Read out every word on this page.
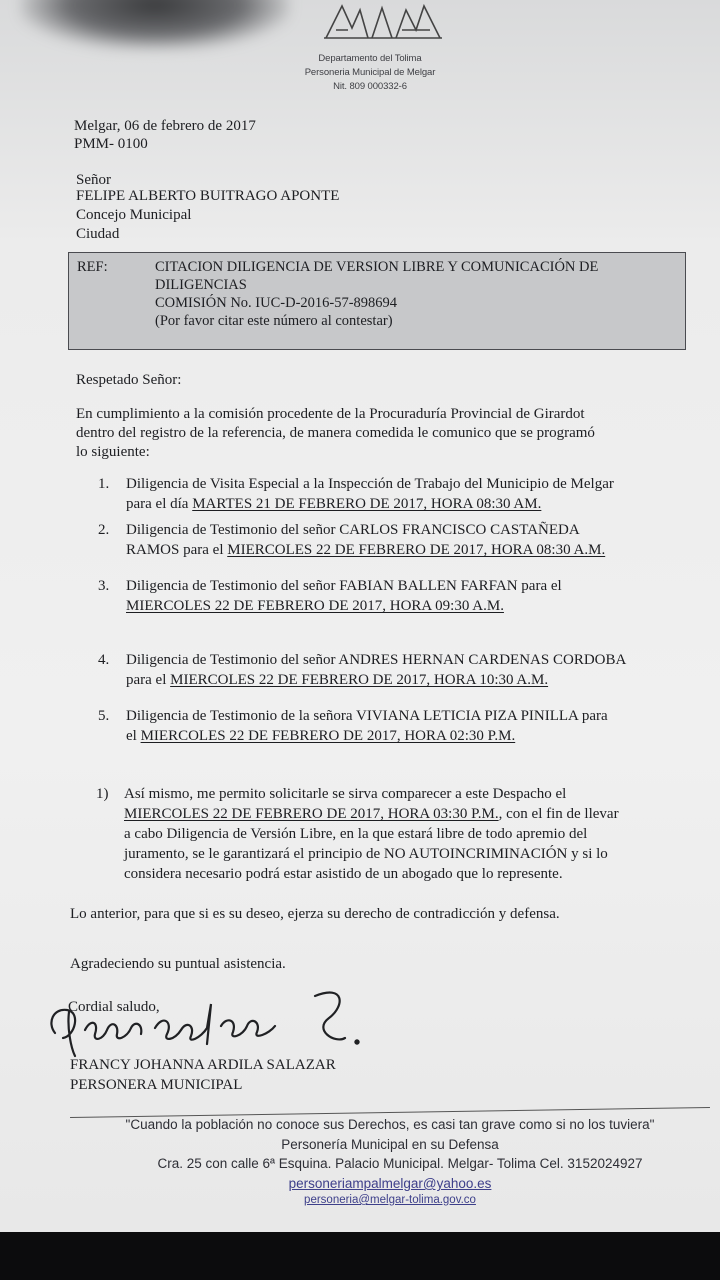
Departamento del Tolima
Personeria Municipal de Melgar
Nit. 809 000332-6
Melgar, 06 de febrero de 2017
PMM- 0100
Señor
FELIPE ALBERTO BUITRAGO APONTE
Concejo Municipal
Ciudad
REF:	CITACION DILIGENCIA DE VERSION LIBRE Y COMUNICACIÓN DE
DILIGENCIAS
COMISIÓN No. IUC-D-2016-57-898694
(Por favor citar este número al contestar)
Respetado Señor:
En cumplimiento a la comisión procedente de la Procuraduría Provincial de Girardot
dentro del registro de la referencia, de manera comedida le comunico que se programó
lo siguiente:
1. Diligencia de Visita Especial a la Inspección de Trabajo del Municipio de Melgar
para el día MARTES 21 DE FEBRERO DE 2017, HORA 08:30 AM.
2. Diligencia de Testimonio del señor CARLOS FRANCISCO CASTAÑEDA
RAMOS para el MIERCOLES 22 DE FEBRERO DE 2017, HORA 08:30 A.M.
3. Diligencia de Testimonio del señor FABIAN BALLEN FARFAN para el
MIERCOLES 22 DE FEBRERO DE 2017, HORA 09:30 A.M.
4. Diligencia de Testimonio del señor ANDRES HERNAN CARDENAS CORDOBA
para el MIERCOLES 22 DE FEBRERO DE 2017, HORA 10:30 A.M.
5. Diligencia de Testimonio de la señora VIVIANA LETICIA PIZA PINILLA para
el MIERCOLES 22 DE FEBRERO DE 2017, HORA 02:30 P.M.
1) Así mismo, me permito solicitarle se sirva comparecer a este Despacho el
MIERCOLES 22 DE FEBRERO DE 2017, HORA 03:30 P.M., con el fin de llevar
a cabo Diligencia de Versión Libre, en la que estará libre de todo apremio del
juramento, se le garantizará el principio de NO AUTOINCRIMINACIÓN y si lo
considera necesario podrá estar asistido de un abogado que lo represente.
Lo anterior, para que si es su deseo, ejerza su derecho de contradicción y defensa.
Agradeciendo su puntual asistencia.
Cordial saludo,
FRANCY JOHANNA ARDILA SALAZAR
PERSONERA MUNICIPAL
"Cuando la población no conoce sus Derechos, es casi tan grave como si no los tuviera"
Personería Municipal en su Defensa
Cra. 25 con calle 6ª Esquina. Palacio Municipal. Melgar- Tolima Cel. 3152024927
personeriampalmelgar@yahoo.es
personeria@melgar-tolima.gov.co
